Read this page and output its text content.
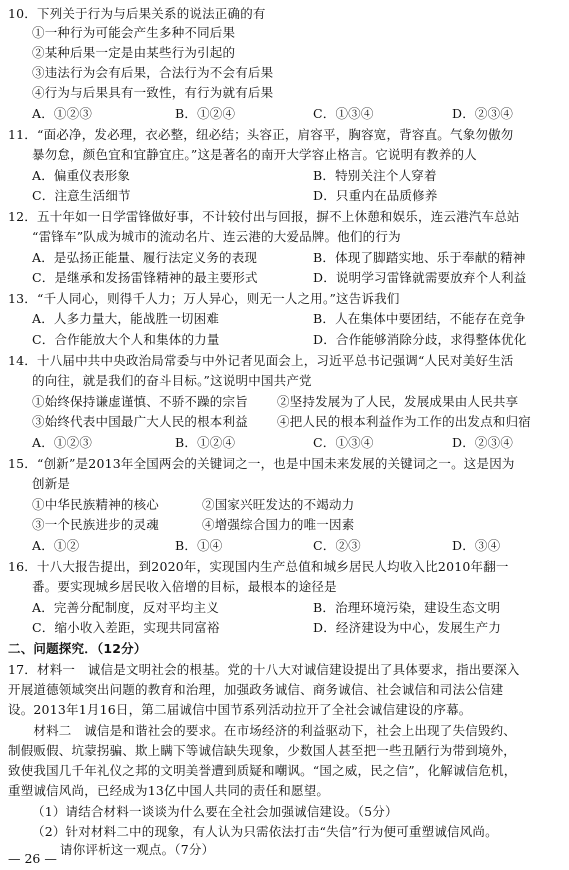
10．下列关于行为与后果关系的说法正确的有
①一种行为可能会产生多种不同后果
②某种后果一定是由某些行为引起的
③违法行为会有后果，合法行为不会有后果
④行为与后果具有一致性，有行为就有后果
A．①②③	B．①②④	C．①③④	D．②③④
11．“面必净，发必理，衣必整，纽必结；头容正，肩容平，胸容宽，背容直。气象勿傲勿
暴勿怠，颜色宜和宜静宜庄。”这是著名的南开大学容止格言。它说明有教养的人
A．偏重仪表形象	B．特别关注个人穿着
C．注意生活细节	D．只重内在品质修养
12．五十年如一日学雷锋做好事，不计较付出与回报，摒不上休憩和娱乐，连云港汽车总站
“雷锋车”队成为城市的流动名片、连云港的大爱品牌。他们的行为
A．是弘扬正能量、履行法定义务的表现	B．体现了脚踏实地、乐于奉献的精神
C．是继承和发扬雷锋精神的最主要形式	D．说明学习雷锋就需要放弃个人利益
13．“千人同心，则得千人力；万人异心，则无一人之用。”这告诉我们
A．人多力量大，能战胜一切困难	B．人在集体中要团结，不能存在竞争
C．合作能放大个人和集体的力量	D．合作能够消除分歧，求得整体优化
14．十八届中共中央政治局常委与中外记者见面会上，习近平总书记强调“人民对美好生活
的向往，就是我们的奋斗目标。”这说明中国共产党
①始终保持谦虚谨慎、不骄不躁的宗旨 ②坚持发展为了人民，发展成果由人民共享
③始终代表中国最广大人民的根本利益 ④把人民的根本利益作为工作的出发点和归宿
A．①②③	B．①②④	C．①③④	D．②③④
15．“创新”是2013年全国两会的关键词之一，也是中国未来发展的关键词之一。这是因为
创新是
①中华民族精神的核心	②国家兴旺发达的不竭动力
③一个民族进步的灵魂	④增强综合国力的唯一因素
A．①②	B．①④	C．②③	D．③④
16．十八大报告提出，到2020年，实现国内生产总值和城乡居民人均收入比2010年翻一
番。要实现城乡居民收入倍增的目标，最根本的途径是
A．完善分配制度，反对平均主义	B．治理环境污染，建设生态文明
C．缩小收入差距，实现共同富裕	D．经济建设为中心，发展生产力
二、问题探究．（12分）
17．材料一　诚信是文明社会的根基。党的十八大对诚信建设提出了具体要求，指出要深入
开展道德领域突出问题的教育和治理，加强政务诚信、商务诚信、社会诚信和司法公信建
设。2013年1月16日，第二届诚信中国节系列活动拉开了全社会诚信建设的序幕。
　　材料二　诚信是和谐社会的要求。在市场经济的利益驱动下，社会上出现了失信毁约、
制假贩假、坑蒙拐骗、欺上瞒下等诚信缺失现象，少数国人甚至把一些丑陋行为带到境外，
致使我国几千年礼仪之邦的文明美誉遭到质疑和嘲讽。“国之威，民之信”，化解诚信危机，
重塑诚信风尚，已经成为13亿中国人共同的责任和愿望。
（1）请结合材料一谈谈为什么要在全社会加强诚信建设。（5分）
（2）针对材料二中的现象，有人认为只需依法打击“失信”行为便可重塑诚信风尚。
请你评析这一观点。（7分）
— 26 —
